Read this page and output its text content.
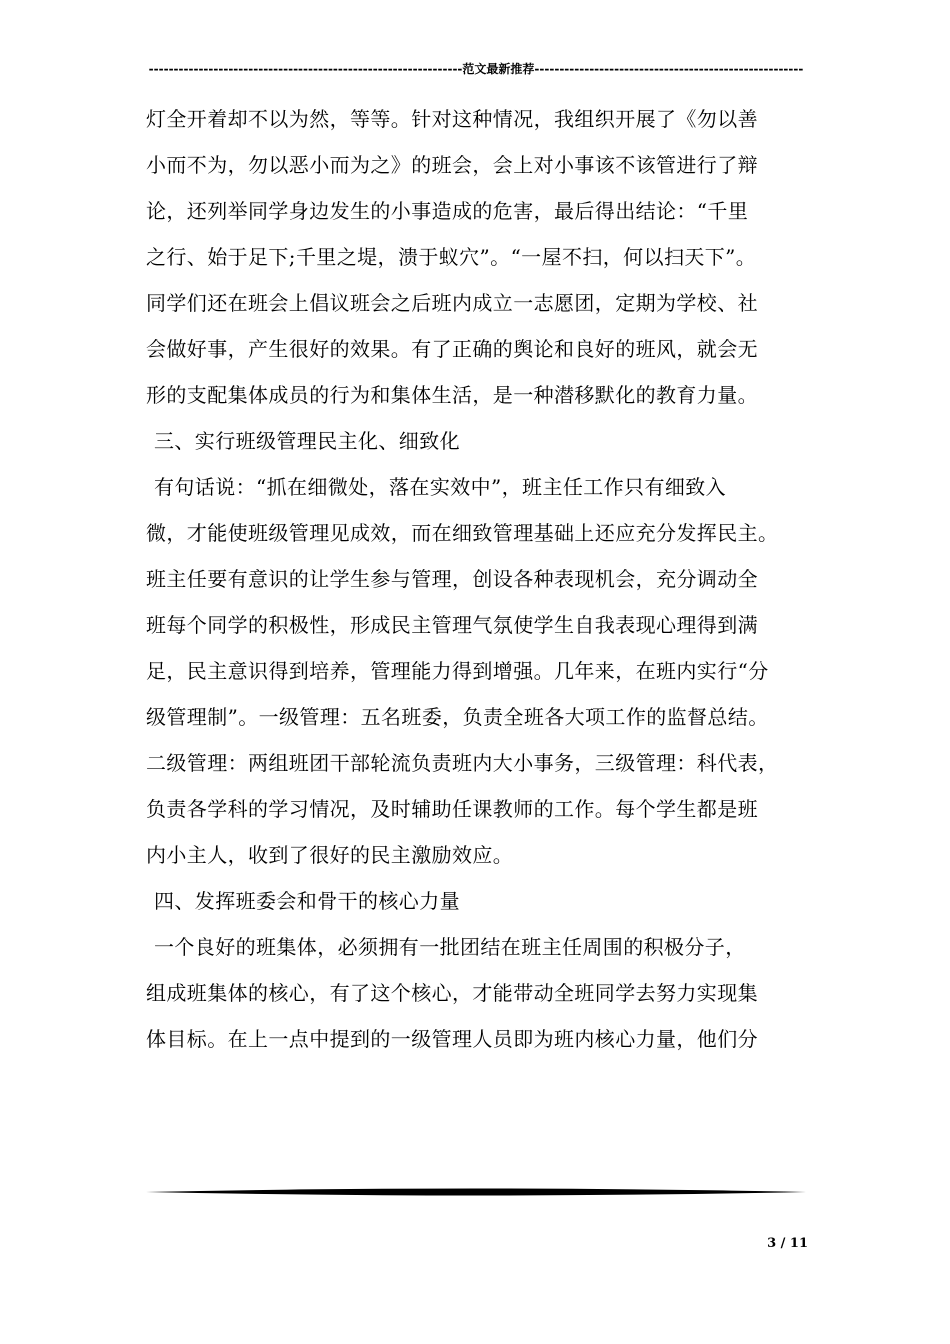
---------------------------------------------------------------范文最新推荐------------------------------------------------------
灯全开着却不以为然，等等。针对这种情况，我组织开展了《勿以善
小而不为，勿以恶小而为之》的班会，会上对小事该不该管进行了辩
论，还列举同学身边发生的小事造成的危害，最后得出结论：“千里
之行、始于足下;千里之堤，溃于蚁穴”。“一屋不扫，何以扫天下”。
同学们还在班会上倡议班会之后班内成立一志愿团，定期为学校、社
会做好事，产生很好的效果。有了正确的舆论和良好的班风，就会无
形的支配集体成员的行为和集体生活，是一种潜移默化的教育力量。
三、实行班级管理民主化、细致化
有句话说：“抓在细微处，落在实效中”，班主任工作只有细致入
微，才能使班级管理见成效，而在细致管理基础上还应充分发挥民主。
班主任要有意识的让学生参与管理，创设各种表现机会，充分调动全
班每个同学的积极性，形成民主管理气氛使学生自我表现心理得到满
足，民主意识得到培养，管理能力得到增强。几年来，在班内实行“分
级管理制”。一级管理：五名班委，负责全班各大项工作的监督总结。
二级管理：两组班团干部轮流负责班内大小事务，三级管理：科代表，
负责各学科的学习情况，及时辅助任课教师的工作。每个学生都是班
内小主人，收到了很好的民主激励效应。
四、发挥班委会和骨干的核心力量
一个良好的班集体，必须拥有一批团结在班主任周围的积极分子，
组成班集体的核心，有了这个核心，才能带动全班同学去努力实现集
体目标。在上一点中提到的一级管理人员即为班内核心力量，他们分
3 / 11
